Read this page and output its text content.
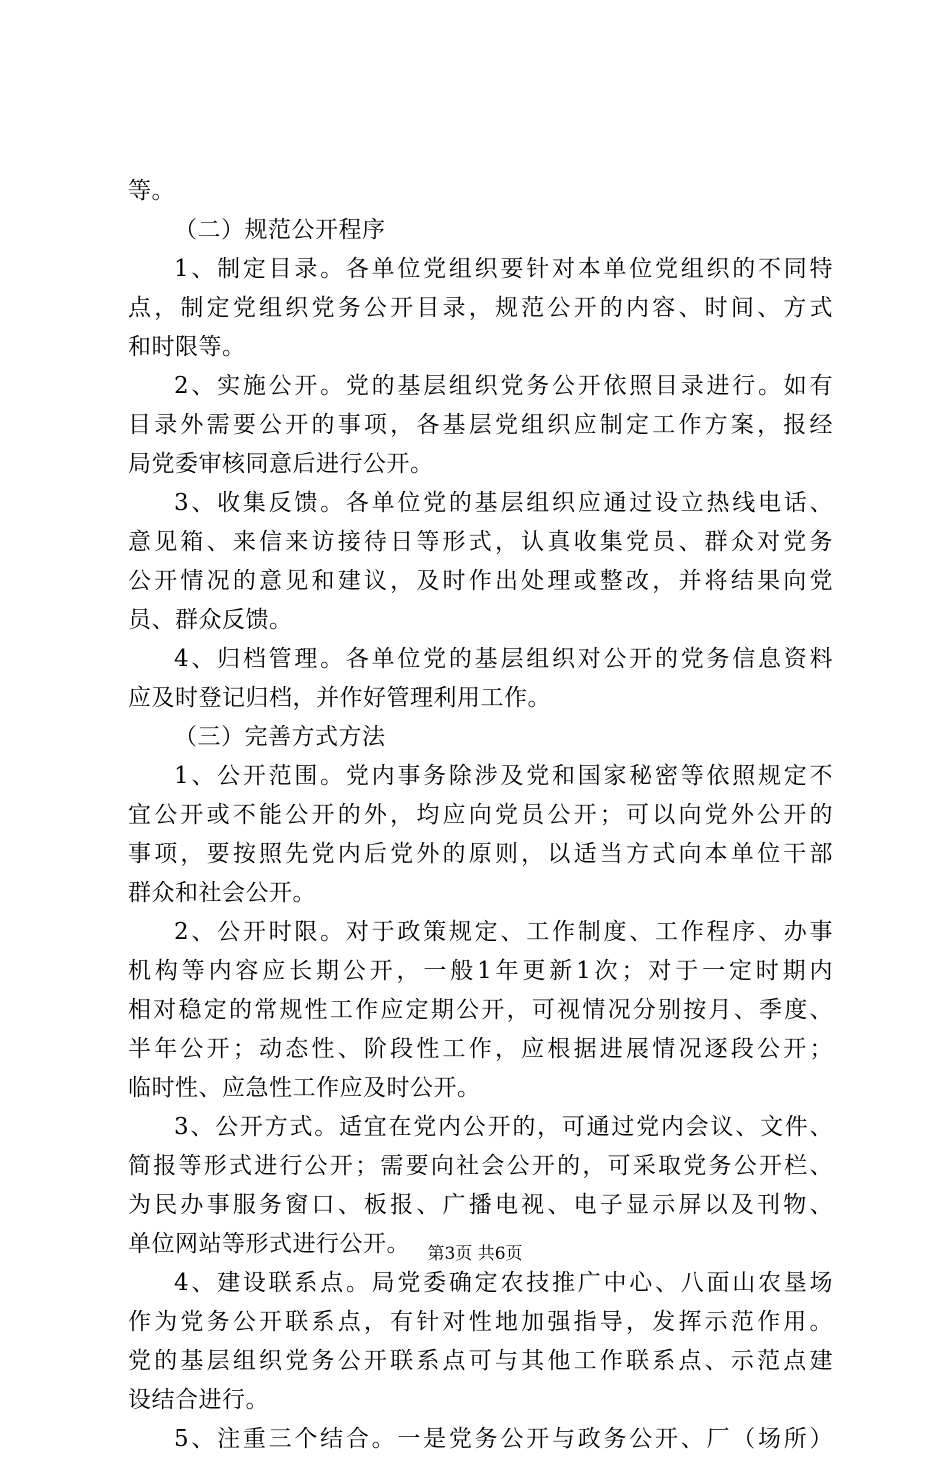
等。
（二）规范公开程序
1、制定目录。各单位党组织要针对本单位党组织的不同特
点，制定党组织党务公开目录，规范公开的内容、时间、方式
和时限等。
2、实施公开。党的基层组织党务公开依照目录进行。如有
目录外需要公开的事项，各基层党组织应制定工作方案，报经
局党委审核同意后进行公开。
3、收集反馈。各单位党的基层组织应通过设立热线电话、
意见箱、来信来访接待日等形式，认真收集党员、群众对党务
公开情况的意见和建议，及时作出处理或整改，并将结果向党
员、群众反馈。
4、归档管理。各单位党的基层组织对公开的党务信息资料
应及时登记归档，并作好管理利用工作。
（三）完善方式方法
1、公开范围。党内事务除涉及党和国家秘密等依照规定不
宜公开或不能公开的外，均应向党员公开；可以向党外公开的
事项，要按照先党内后党外的原则，以适当方式向本单位干部
群众和社会公开。
2、公开时限。对于政策规定、工作制度、工作程序、办事
机构等内容应长期公开，一般1年更新1次；对于一定时期内
相对稳定的常规性工作应定期公开，可视情况分别按月、季度、
半年公开；动态性、阶段性工作，应根据进展情况逐段公开；
临时性、应急性工作应及时公开。
3、公开方式。适宜在党内公开的，可通过党内会议、文件、
简报等形式进行公开；需要向社会公开的，可采取党务公开栏、
为民办事服务窗口、板报、广播电视、电子显示屏以及刊物、
单位网站等形式进行公开。
4、建设联系点。局党委确定农技推广中心、八面山农垦场
作为党务公开联系点，有针对性地加强指导，发挥示范作用。
党的基层组织党务公开联系点可与其他工作联系点、示范点建
设结合进行。
5、注重三个结合。一是党务公开与政务公开、厂（场所）
第3页 共6页
